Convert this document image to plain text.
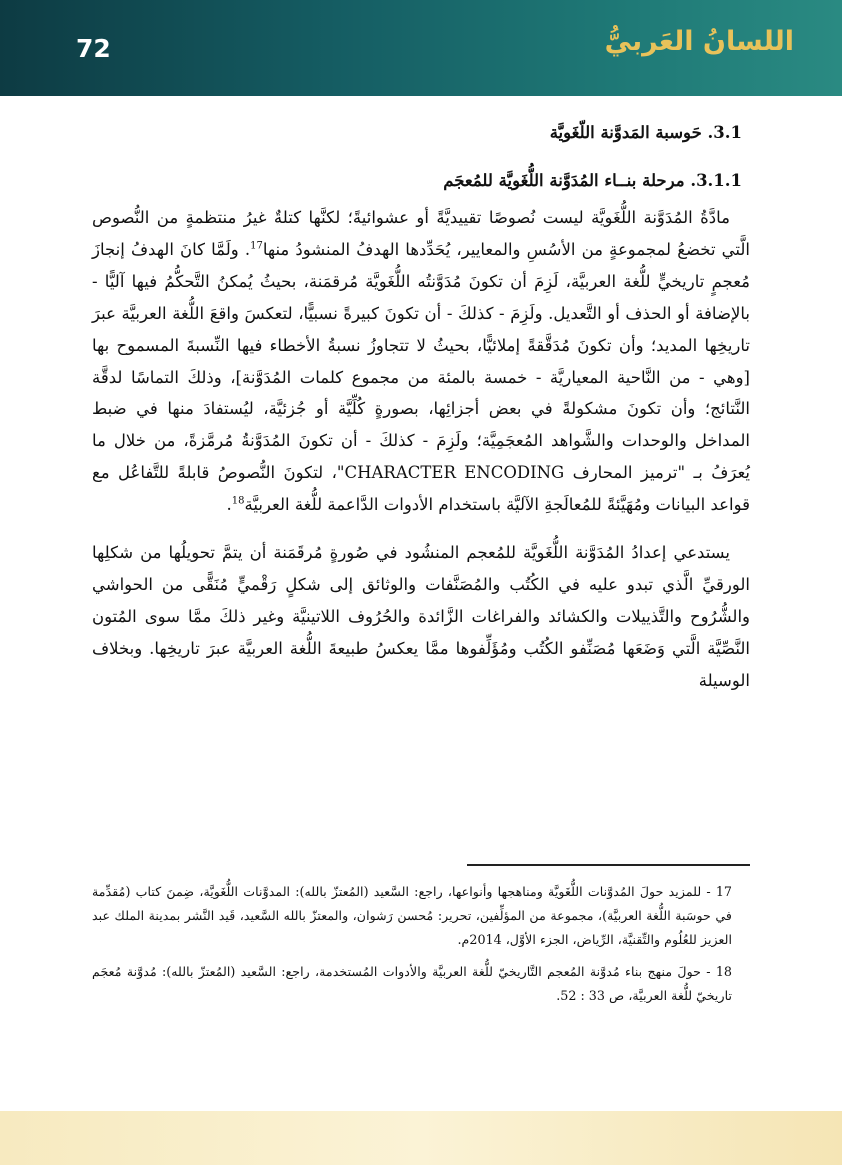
72	اللسانُ العَربيُّ
3.1. حَوسبة المَدوَّنة اللّغَويَّة
3.1.1. مرحلة بنــاء المُدَوَّنة اللُّغَويَّة للمُعجَم

مادَّةُ المُدَوَّنة اللُّغَويَّة ليست نُصوصًا تقييديَّةً أو عشوائيةً؛ لكنَّها كتلةٌ غيرُ منتظمةٍ من النُّصوص الَّتي تخضعُ لمجموعةٍ من الأسُسِ والمعايير، يُحَدِّدها الهدفُ المنشودُ منها$^{17}$. ولَمَّا كانَ الهدفُ إنجازَ مُعجمٍ تاريخيٍّ للُّغة العربيَّة، لَزِمَ أن تكونَ مُدَوَّنتُه اللُّغَويَّة مُرقمَنة، بحيثُ يُمكنُ التَّحكُّمُ فيها آليًّا - بالإضافة أو الحذف أو التَّعديل. ولَزِمَ - كذلكَ - أن تكونَ كبيرةً نسبيًّا، لتعكسَ واقعَ اللُّغة العربيَّة عبرَ تاريخِها المديد؛ وأن تكونَ مُدَقَّقةً إملائيًّا، بحيثُ لا تتجاوزُ نسبةُ الأخطاء فيها النِّسبةَ المسموح بها [وهي - من النَّاحية المعياريَّة - خمسة بالمئة من مجموع كلمات المُدَوَّنة]، وذلكَ التماسًا لدقَّة النَّتائج؛ وأن تكونَ مشكولةً في بعض أجزائِها، بصورةٍ كُلِّيَّة أو جُزئيَّة، ليُستفادَ منها في ضبط المداخل والوحدات والشَّواهد المُعجَمِيَّة؛ ولَزِمَ - كذلكَ - أن تكونَ المُدَوَّنةُ مُرمَّزةً، من خلال ما يُعرَفُ بـ "ترميز المحارف CHARACTER ENCODING"، لتكونَ النُّصوصُ قابلةً للتَّفاعُل مع قواعد البيانات ومُهَيَّئةً للمُعالَجةِ الآليَّة باستخدام الأدوات الدَّاعمة للُّغة العربيَّة$^{18}$.

يستدعي إعدادُ المُدَوَّنة اللُّغَويَّة للمُعجم المنشُود في صُورةٍ مُرقَمَنة أن يتمَّ تحويلُها من شكلِها الورقيِّ الَّذي تبدو عليه في الكُتُب والمُصَنَّفات والوثائق إلى شكلٍ رَقْميٍّ مُنَقًّى من الحواشي والشُّرُوح والتَّذييلات والكشائد والفراغات الزَّائدة والحُرُوف اللاتينيَّة وغير ذلكَ ممَّا سوى المُتون النَّصِّيَّة الَّتي وَضَعَها مُصَنِّفو الكُتُب ومُؤَلِّفوها ممَّا يعكسُ طبيعةَ اللُّغة العربيَّة عبرَ تاريخِها. وبخلاف الوسيلة

17 - للمزيد حولَ المُدوَّنات اللُّغَويَّة ومناهجها وأنواعها، راجع: السَّعيد (المُعتزّ بالله): المدوَّنات اللُّغَويَّة، ضِمنَ كتاب (مُقدِّمة في حوسَبة اللُّغة العربيَّة)، مجموعة من المؤلِّفين، تحرير: مُحسن رَشوان، والمعتزّ بالله السَّعيد، قَيد النَّشر بمدينة الملك عبد العزيز للعُلُوم والتِّقنيَّة، الرِّياض، الجزء الأوَّل، 2014م.

18 - حولَ منهج بناء مُدوَّنة المُعجم التَّاريخيّ للُّغة العربيَّة والأدوات المُستخدمة، راجع: السَّعيد (المُعتزّ بالله): مُدوَّنة مُعجَم تاريخيّ للُّغة العربيَّة، ص 33 : 52.
